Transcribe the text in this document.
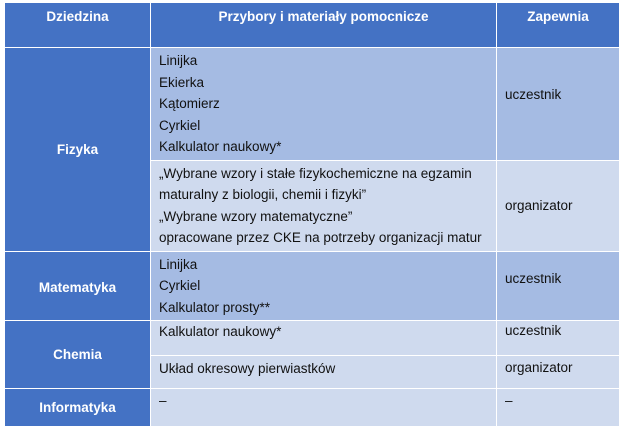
Dziedzina	Przybory i materiały pomocnicze	Zapewnia
Fizyka	Linijka
Ekierka
Kątomierz
Cyrkiel
Kalkulator naukowy*	uczestnik

	„Wybrane wzory i stałe fizykochemiczne na egzamin
maturalny z biologii, chemii i fizyki”
„Wybrane wzory matematyczne”
opracowane przez CKE na potrzeby organizacji matur	organizator
Matematyka	Linijka
Cyrkiel
Kalkulator prosty**	uczestnik
Chemia	Kalkulator naukowy*	uczestnik

	Układ okresowy pierwiastków	organizator
Informatyka	–	–
